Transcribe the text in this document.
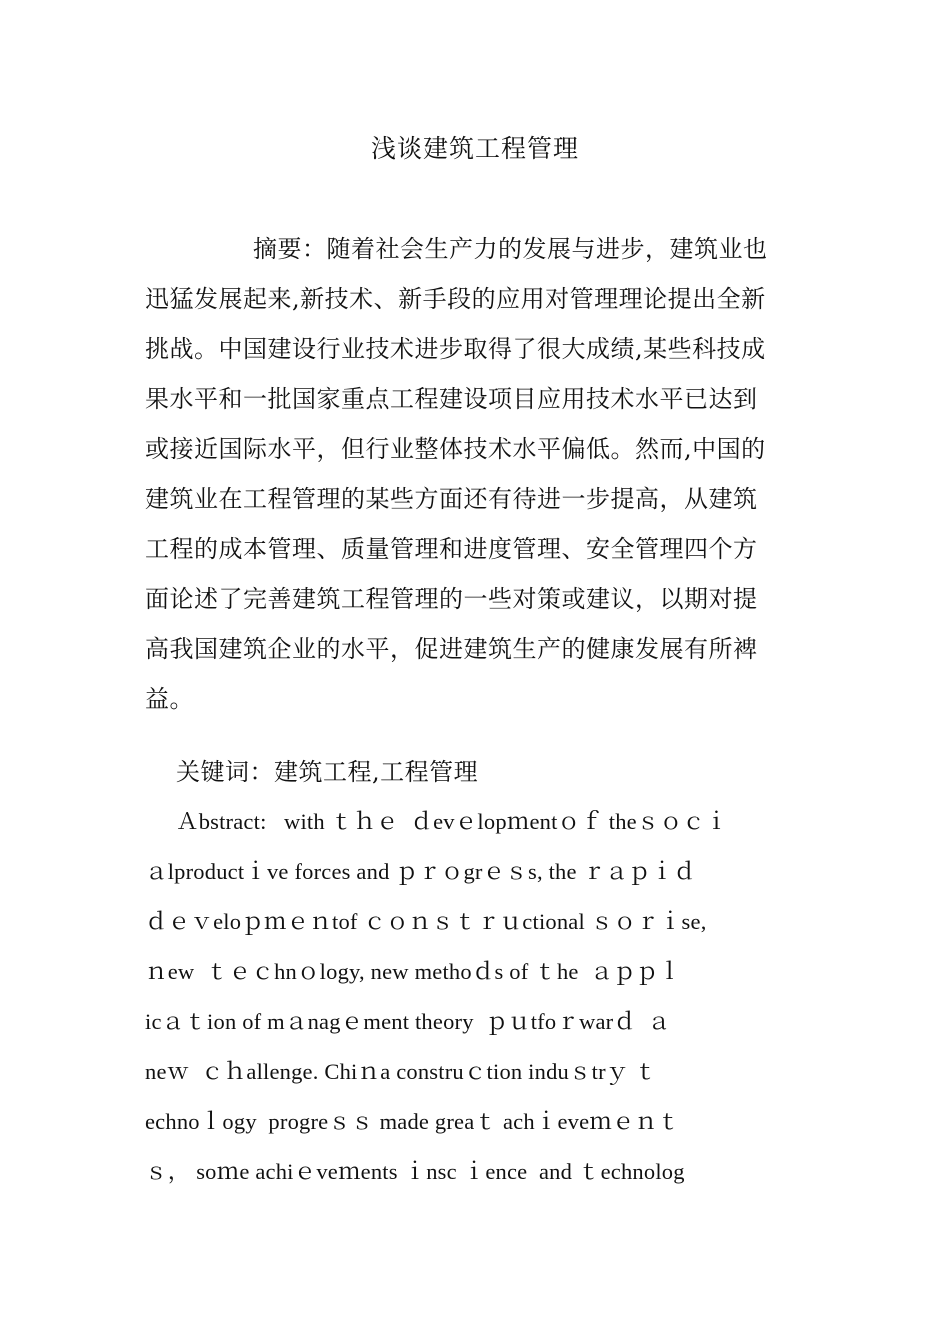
浅谈建筑工程管理
摘要：随着社会生产力的发展与进步，建筑业也
迅猛发展起来,新技术、新手段的应用对管理理论提出全新
挑战。中国建设行业技术进步取得了很大成绩,某些科技成
果水平和一批国家重点工程建设项目应用技术水平已达到
或接近国际水平，但行业整体技术水平偏低。然而,中国的
建筑业在工程管理的某些方面还有待进一步提高，从建筑
工程的成本管理、质量管理和进度管理、安全管理四个方
面论述了完善建筑工程管理的一些对策或建议，以期对提
高我国建筑企业的水平，促进建筑生产的健康发展有所裨
益。
关键词：建筑工程,工程管理
Ａbstract:   with ｔｈｅ  ｄevｅlopｍentｏｆ theｓｏｃｉ
ａlproductｉve forces and ｐｒｏgrｅｓs, the ｒａｐｉｄ
ｄｅｖeloｐｍｅｎtof ｃｏｎｓｔｒｕctional ｓｏｒｉse,
ｎew  ｔｅｃhnｏlogy, new methoｄs of ｔhe  ａｐｐｌ
icａｔion of mａnagｅment theory  ｐｕtfoｒwarｄ  ａ
neｗ  ｃｈallenge. Chiｎa construｃtion induｓtrｙ ｔ
echnoｌogy  progreｓｓ made greaｔ achｉeveｍｅｎｔ
ｓ， soｍe achiｅveｍents ｉnsc ｉence  and ｔechnolog
